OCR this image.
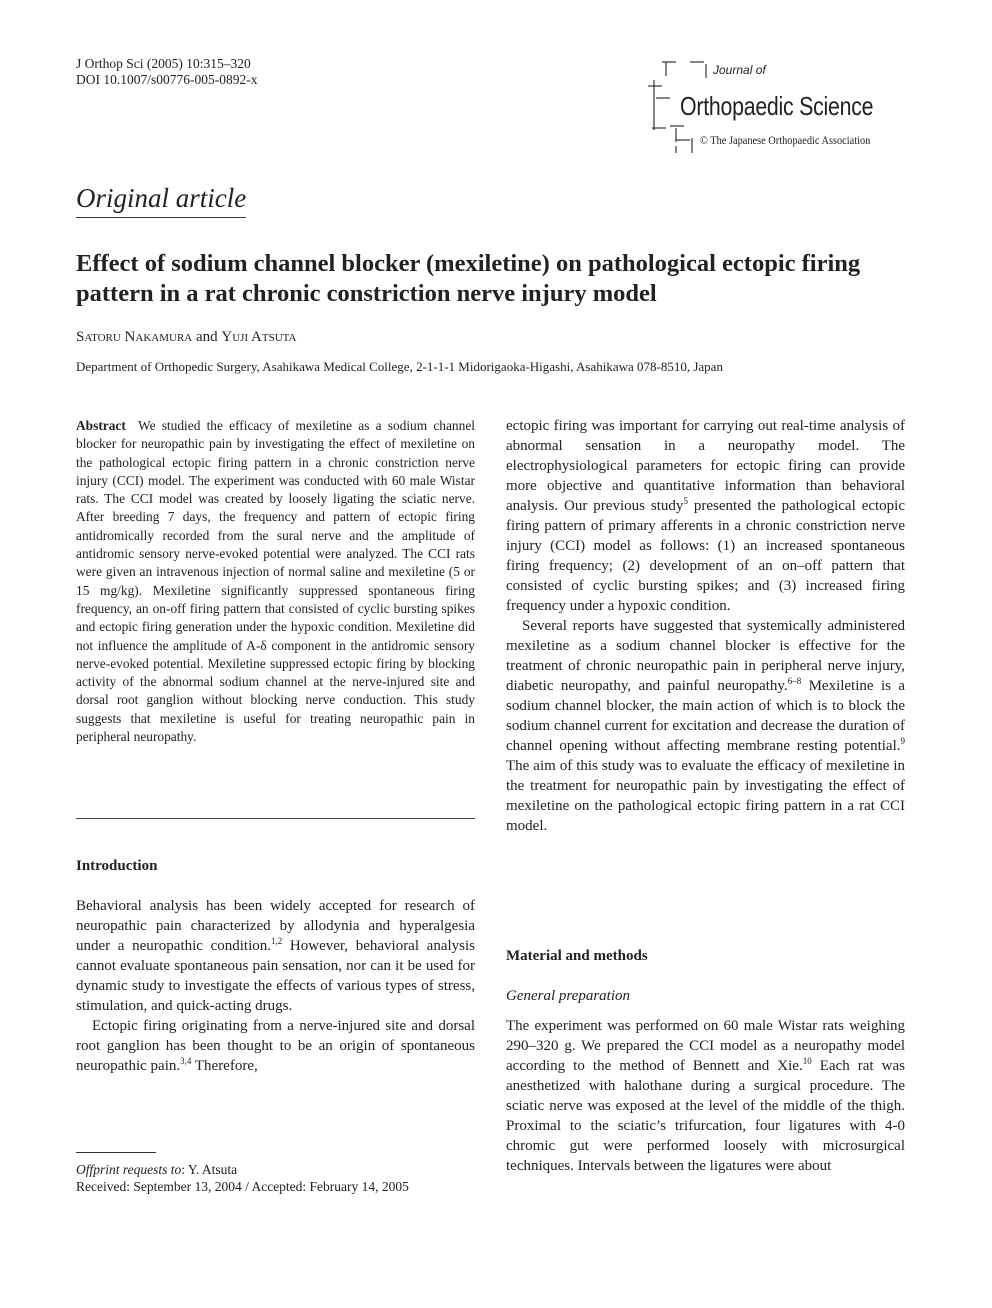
J Orthop Sci (2005) 10:315–320
DOI 10.1007/s00776-005-0892-x
Journal of
Orthopaedic Science
© The Japanese Orthopaedic Association
Original article
Effect of sodium channel blocker (mexiletine) on pathological ectopic firing pattern in a rat chronic constriction nerve injury model
Satoru Nakamura and Yuji Atsuta
Department of Orthopedic Surgery, Asahikawa Medical College, 2-1-1-1 Midorigaoka-Higashi, Asahikawa 078-8510, Japan
Abstract We studied the efficacy of mexiletine as a sodium channel blocker for neuropathic pain by investigating the effect of mexiletine on the pathological ectopic firing pattern in a chronic constriction nerve injury (CCI) model. The experiment was conducted with 60 male Wistar rats. The CCI model was created by loosely ligating the sciatic nerve. After breeding 7 days, the frequency and pattern of ectopic firing antidromically recorded from the sural nerve and the amplitude of antidromic sensory nerve-evoked potential were analyzed. The CCI rats were given an intravenous injection of normal saline and mexiletine (5 or 15 mg/kg). Mexiletine significantly suppressed spontaneous firing frequency, an on-off firing pattern that consisted of cyclic bursting spikes and ectopic firing generation under the hypoxic condition. Mexiletine did not influence the amplitude of A-δ component in the antidromic sensory nerve-evoked potential. Mexiletine suppressed ectopic firing by blocking activity of the abnormal sodium channel at the nerve-injured site and dorsal root ganglion without blocking nerve conduction. This study suggests that mexiletine is useful for treating neuropathic pain in peripheral neuropathy.
Introduction

Behavioral analysis has been widely accepted for research of neuropathic pain characterized by allodynia and hyperalgesia under a neuropathic condition.$^{1,2}$ However, behavioral analysis cannot evaluate spontaneous pain sensation, nor can it be used for dynamic study to investigate the effects of various types of stress, stimulation, and quick-acting drugs.

Ectopic firing originating from a nerve-injured site and dorsal root ganglion has been thought to be an origin of spontaneous neuropathic pain.$^{3,4}$ Therefore,

Offprint requests to: Y. Atsuta
Received: September 13, 2004 / Accepted: February 14, 2005

ectopic firing was important for carrying out real-time analysis of abnormal sensation in a neuropathy model. The electrophysiological parameters for ectopic firing can provide more objective and quantitative information than behavioral analysis. Our previous study$^5$ presented the pathological ectopic firing pattern of primary afferents in a chronic constriction nerve injury (CCI) model as follows: (1) an increased spontaneous firing frequency; (2) development of an on–off pattern that consisted of cyclic bursting spikes; and (3) increased firing frequency under a hypoxic condition.

Several reports have suggested that systemically administered mexiletine as a sodium channel blocker is effective for the treatment of chronic neuropathic pain in peripheral nerve injury, diabetic neuropathy, and painful neuropathy.$^{6-8}$ Mexiletine is a sodium channel blocker, the main action of which is to block the sodium channel current for excitation and decrease the duration of channel opening without affecting membrane resting potential.$^9$ The aim of this study was to evaluate the efficacy of mexiletine in the treatment for neuropathic pain by investigating the effect of mexiletine on the pathological ectopic firing pattern in a rat CCI model.

Material and methods
General preparation
The experiment was performed on 60 male Wistar rats weighing 290–320 g. We prepared the CCI model as a neuropathy model according to the method of Bennett and Xie.$^{10}$ Each rat was anesthetized with halothane during a surgical procedure. The sciatic nerve was exposed at the level of the middle of the thigh. Proximal to the sciatic’s trifurcation, four ligatures with 4-0 chromic gut were performed loosely with microsurgical techniques. Intervals between the ligatures were about
